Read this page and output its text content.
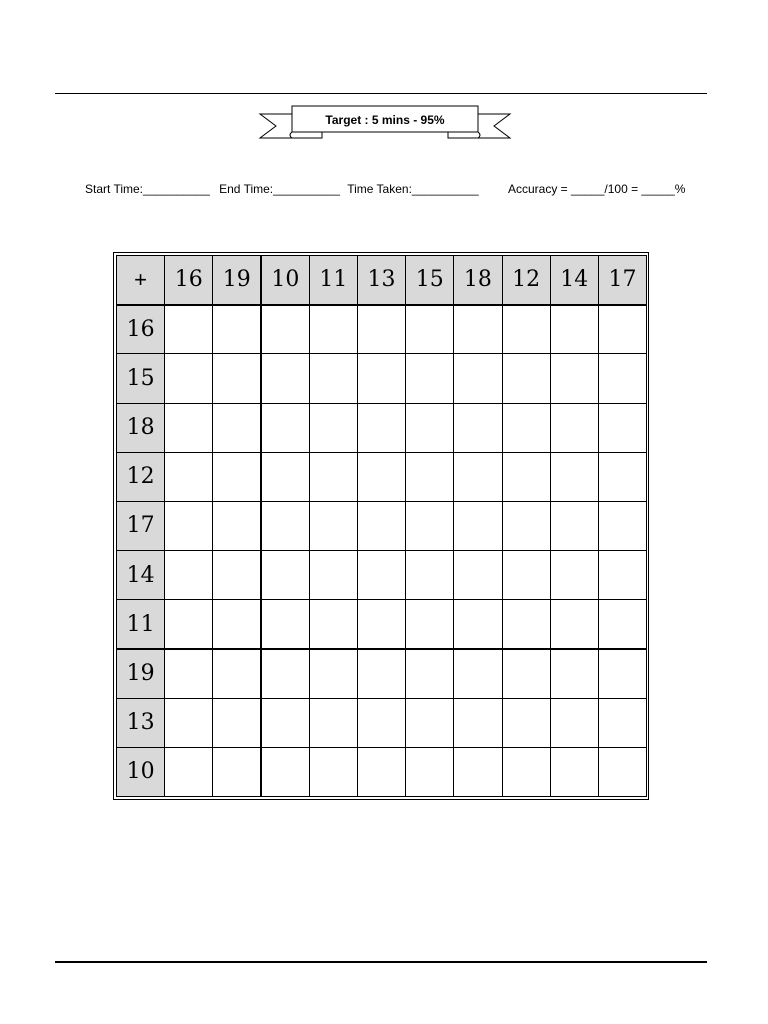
Target : 5 mins - 95%
Start Time:__________ End Time:__________ Time Taken:__________ Accuracy = _____/100 = _____%
+	16	19	10	11	13	15	18	12	14	17
16										
15										
18										
12										
17										
14										
11										
19										
13										
10										
